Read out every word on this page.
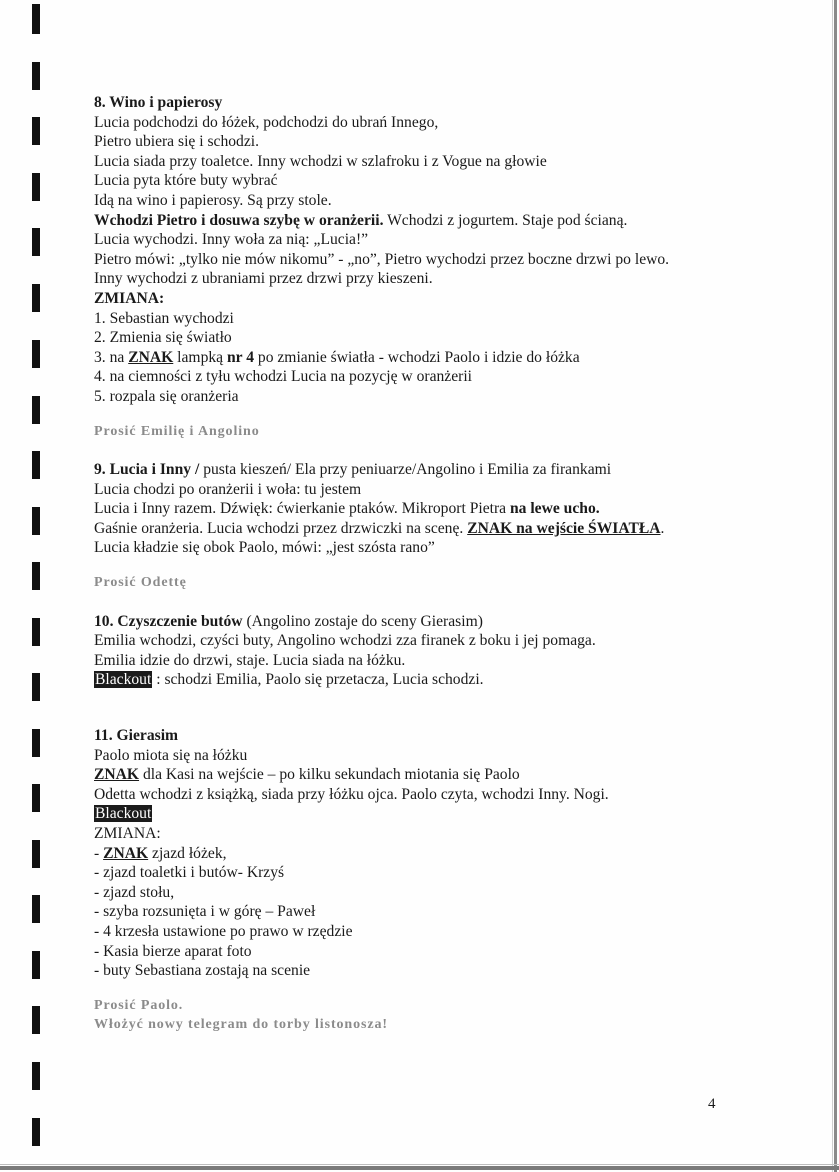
8. Wino i papierosy
Lucia podchodzi do łóżek, podchodzi do ubrań Innego,
Pietro ubiera się i schodzi.
Lucia siada przy toaletce. Inny wchodzi w szlafroku i z Vogue na głowie
Lucia pyta które buty wybrać
Idą na wino i papierosy. Są przy stole.
Wchodzi Pietro i dosuwa szybę w oranżerii. Wchodzi z jogurtem. Staje pod ścianą.
Lucia wychodzi. Inny woła za nią: „Lucia!”
Pietro mówi: „tylko nie mów nikomu” - „no”, Pietro wychodzi przez boczne drzwi po lewo.
Inny wychodzi z ubraniami przez drzwi przy kieszeni.
ZMIANA:
1. Sebastian wychodzi
2. Zmienia się światło
3. na ZNAK lampką nr 4 po zmianie światła - wchodzi Paolo i idzie do łóżka
4. na ciemności z tyłu wchodzi Lucia na pozycję w oranżerii
5. rozpala się oranżeria
Prosić Emilię i Angolino
9. Lucia i Inny / pusta kieszeń/ Ela przy peniuarze/Angolino i Emilia za firankami
Lucia chodzi po oranżerii i woła: tu jestem
Lucia i Inny razem. Dźwięk: ćwierkanie ptaków. Mikroport Pietra na lewe ucho.
Gaśnie oranżeria. Lucia wchodzi przez drzwiczki na scenę. ZNAK na wejście ŚWIATŁA.
Lucia kładzie się obok Paolo, mówi: „jest szósta rano”
Prosić Odettę
10. Czyszczenie butów (Angolino zostaje do sceny Gierasim)
Emilia wchodzi, czyści buty, Angolino wchodzi zza firanek z boku i jej pomaga.
Emilia idzie do drzwi, staje. Lucia siada na łóżku.
Blackout : schodzi Emilia, Paolo się przetacza, Lucia schodzi.
11. Gierasim
Paolo miota się na łóżku
ZNAK dla Kasi na wejście – po kilku sekundach miotania się Paolo
Odetta wchodzi z książką, siada przy łóżku ojca. Paolo czyta, wchodzi Inny. Nogi.
Blackout
ZMIANA:
- ZNAK zjazd łóżek,
- zjazd toaletki i butów- Krzyś
- zjazd stołu,
- szyba rozsunięta i w górę – Paweł
- 4 krzesła ustawione po prawo w rzędzie
- Kasia bierze aparat foto
- buty Sebastiana zostają na scenie
Prosić Paolo.
Włożyć nowy telegram do torby listonosza!
4
